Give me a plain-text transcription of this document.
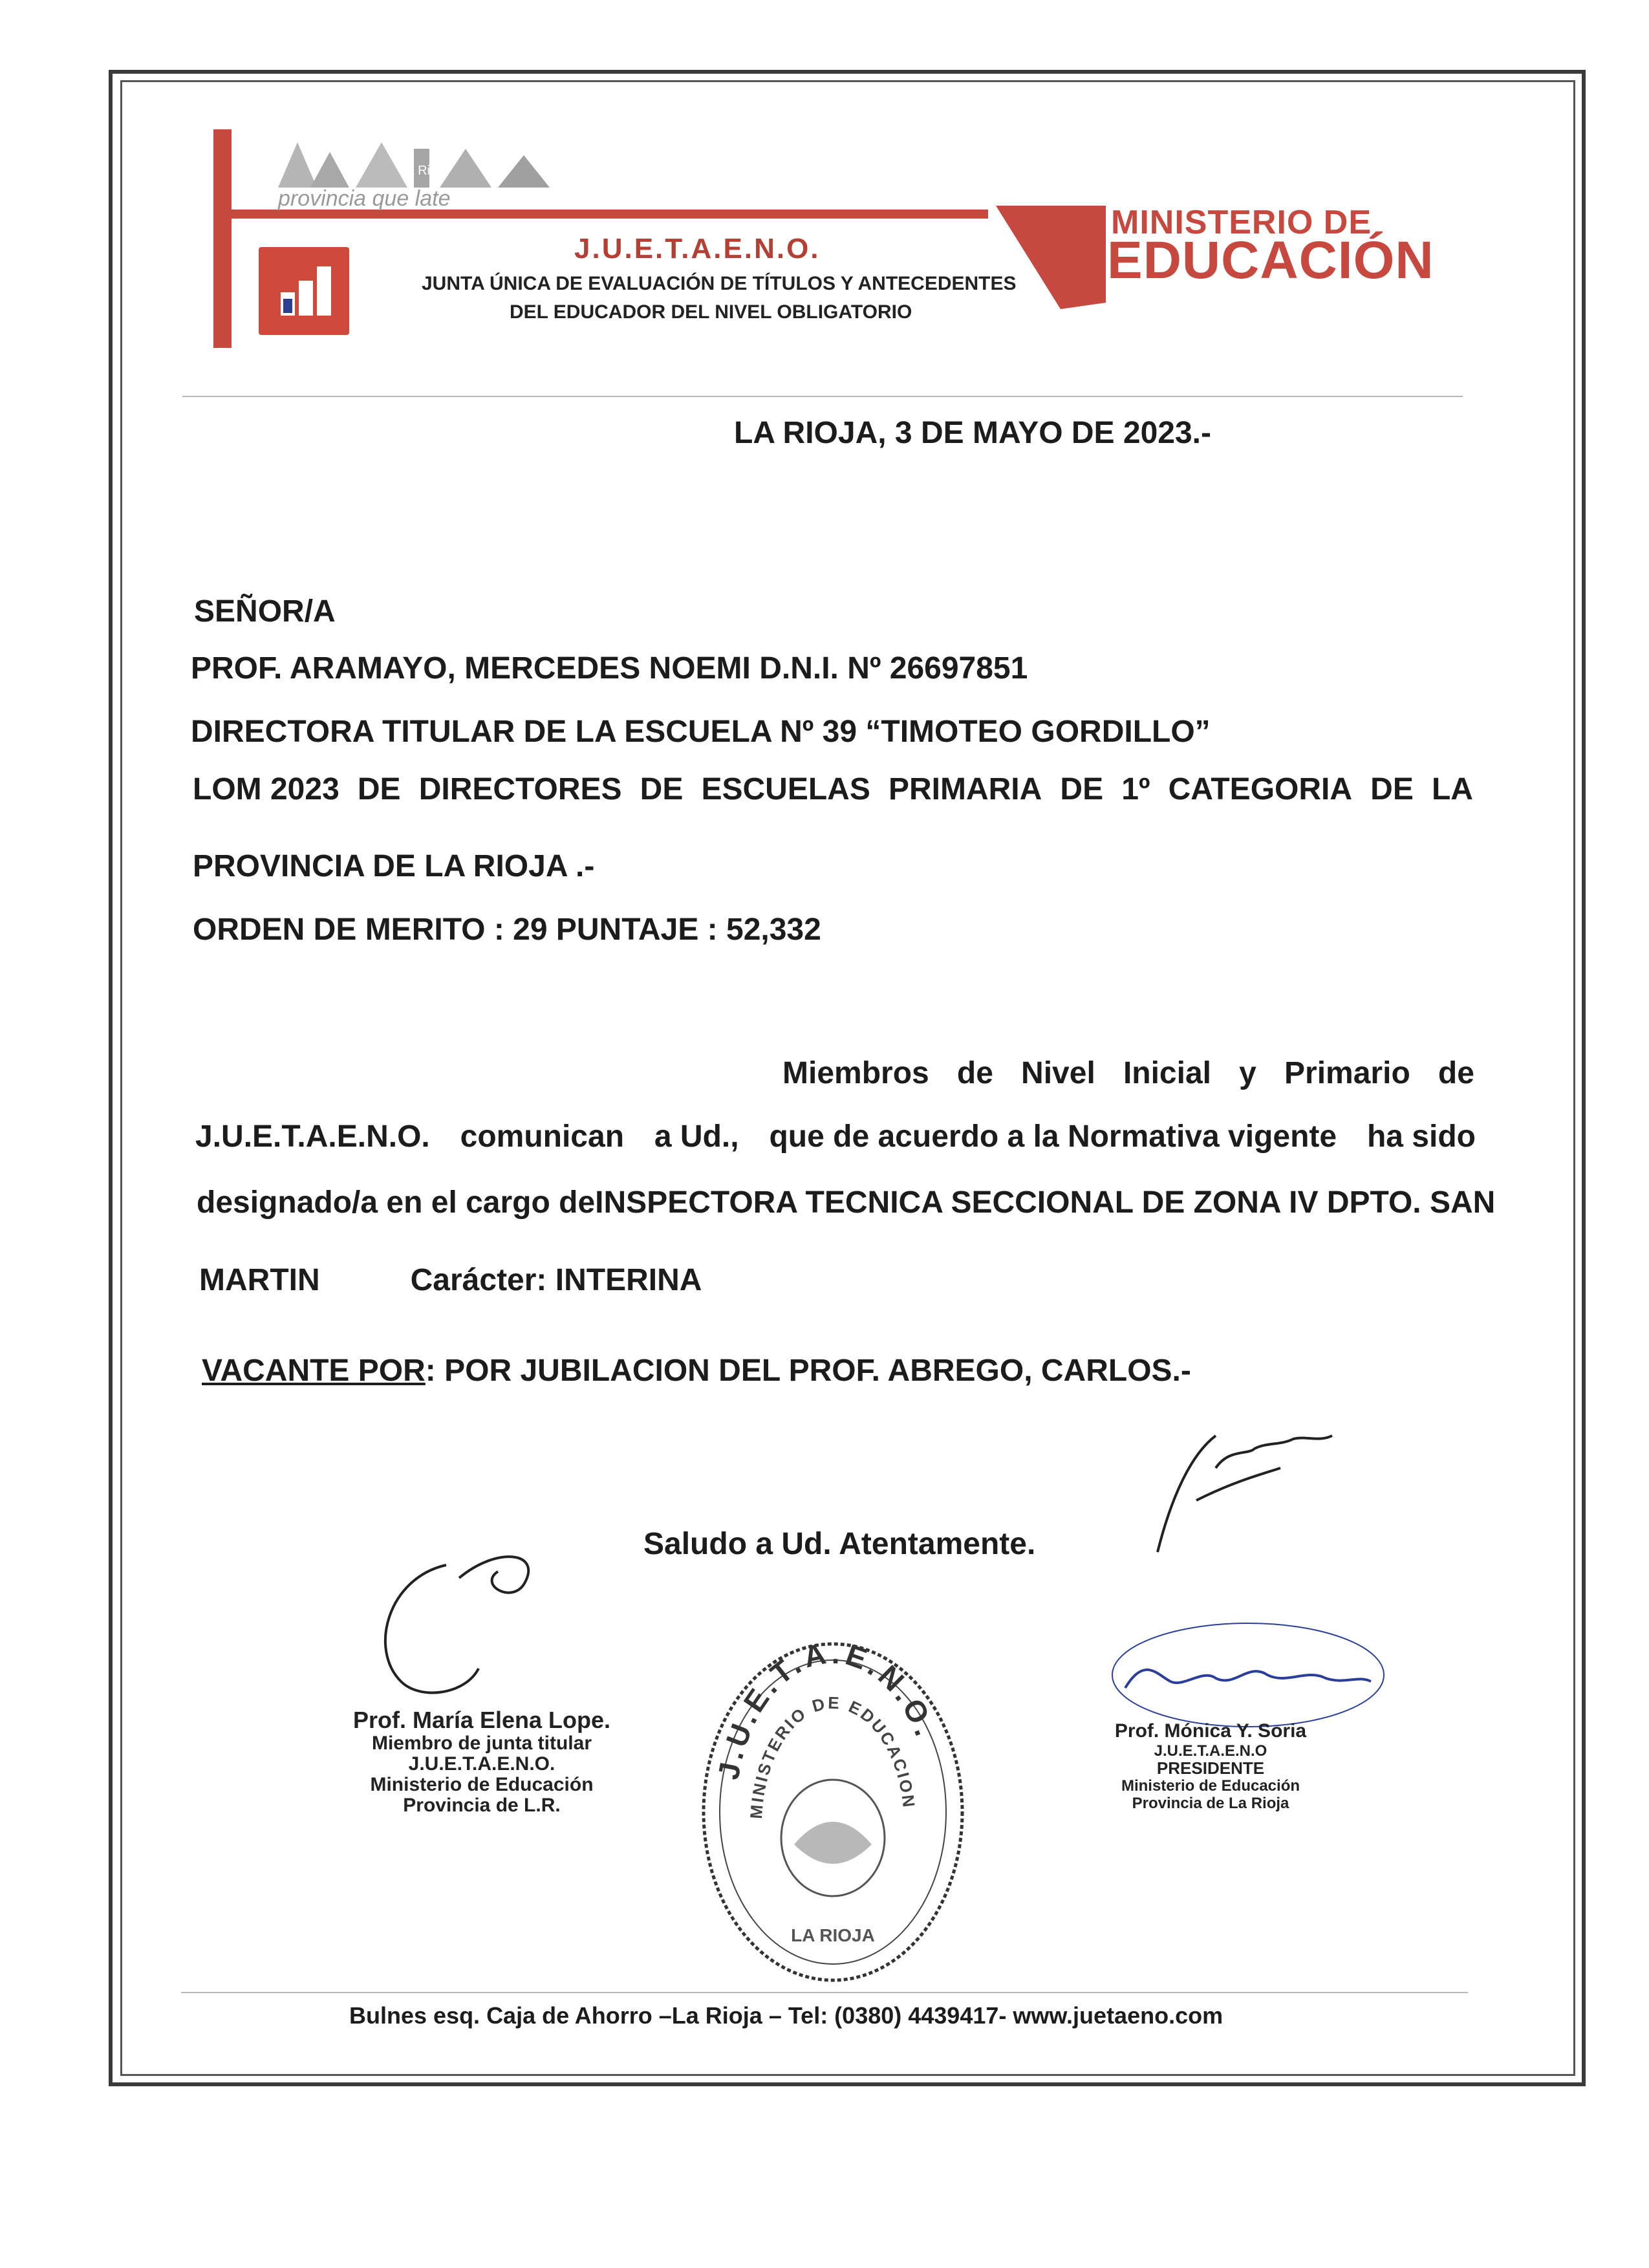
La Rioja
provincia que late
J.U.E.T.A.E.N.O.
JUNTA ÚNICA DE EVALUACIÓN DE TÍTULOS Y ANTECEDENTES
DEL EDUCADOR DEL NIVEL OBLIGATORIO
MINISTERIO DE
EDUCACIÓN
LA RIOJA, 3 DE MAYO DE 2023.-
SEÑOR/A
PROF. ARAMAYO, MERCEDES NOEMI D.N.I. Nº 26697851
DIRECTORA TITULAR DE LA ESCUELA Nº 39 “TIMOTEO GORDILLO”
LOM 2023 DE DIRECTORES DE ESCUELAS PRIMARIA DE 1º CATEGORIA DE LA
PROVINCIA DE LA RIOJA .-
ORDEN DE MERITO : 29 PUNTAJE : 52,332
Miembros de Nivel Inicial y Primario de
J.U.E.T.A.E.N.O. comunican a Ud., que de acuerdo a la Normativa vigente ha sido
designado/a en el cargo de INSPECTORA TECNICA SECCIONAL DE ZONA IV DPTO. SAN
MARTIN	Carácter: INTERINA
VACANTE POR: POR JUBILACION DEL PROF. ABREGO, CARLOS.-
Saludo a Ud. Atentamente.
Prof. María Elena Lope.
Miembro de junta titular
J.U.E.T.A.E.N.O.
Ministerio de Educación
Provincia de L.R.
J.U.E.T.A.E.N.O.
MINISTERIO DE EDUCACION
LA RIOJA
Prof. Mónica Y. Soria
J.U.E.T.A.E.N.O
PRESIDENTE
Ministerio de Educación
Provincia de La Rioja
Bulnes esq. Caja de Ahorro –La Rioja – Tel: (0380) 4439417- www.juetaeno.com
